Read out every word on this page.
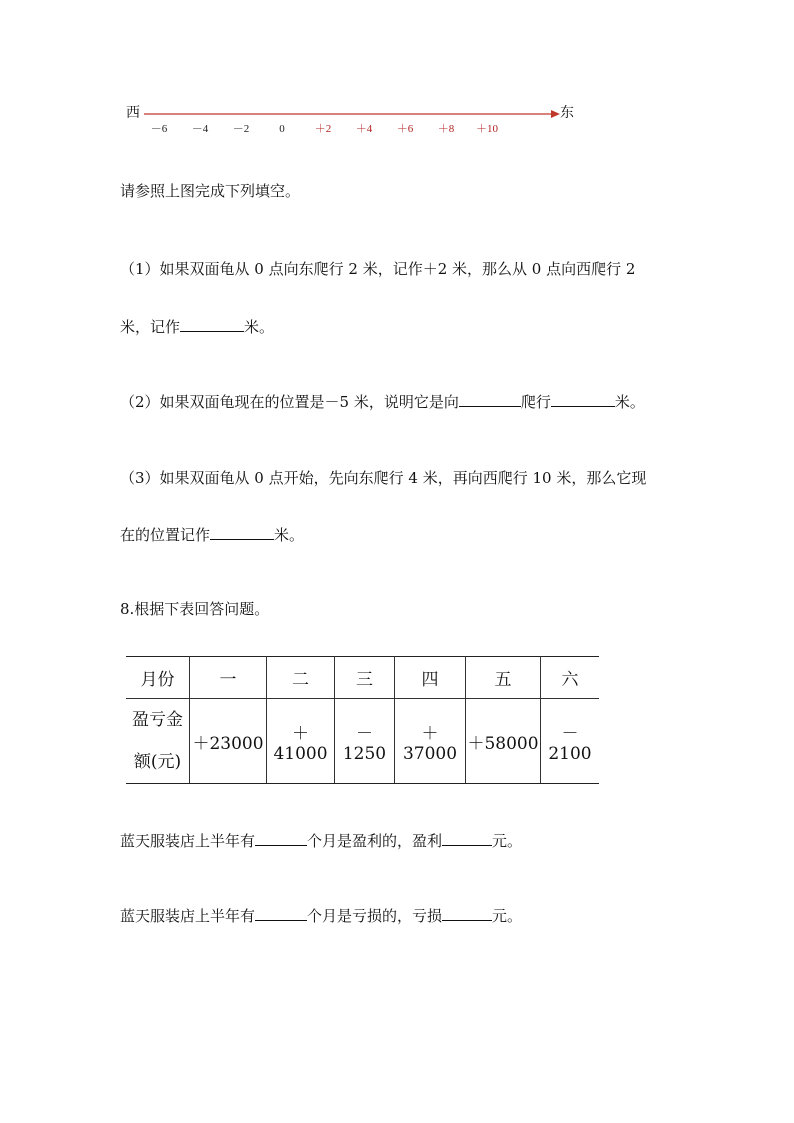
西	东
－6 －4 －2	0	＋2 ＋4 ＋6 ＋8 ＋10
请参照上图完成下列填空。
（1）如果双面龟从 0 点向东爬行 2 米，记作＋2 米，那么从 0 点向西爬行 2
米，记作	米。
（2）如果双面龟现在的位置是－5 米，说明它是向	爬行	米。
（3）如果双面龟从 0 点开始，先向东爬行 4 米，再向西爬行 10 米，那么它现
在的位置记作	米。
8.根据下表回答问题。
月份	一	二	三	四	五	六

盈亏金
额(元)	＋23000	＋41000	－1250	＋37000	＋58000	－2100
蓝天服装店上半年有	个月是盈利的，盈利	元。
蓝天服装店上半年有	个月是亏损的，亏损	元。
